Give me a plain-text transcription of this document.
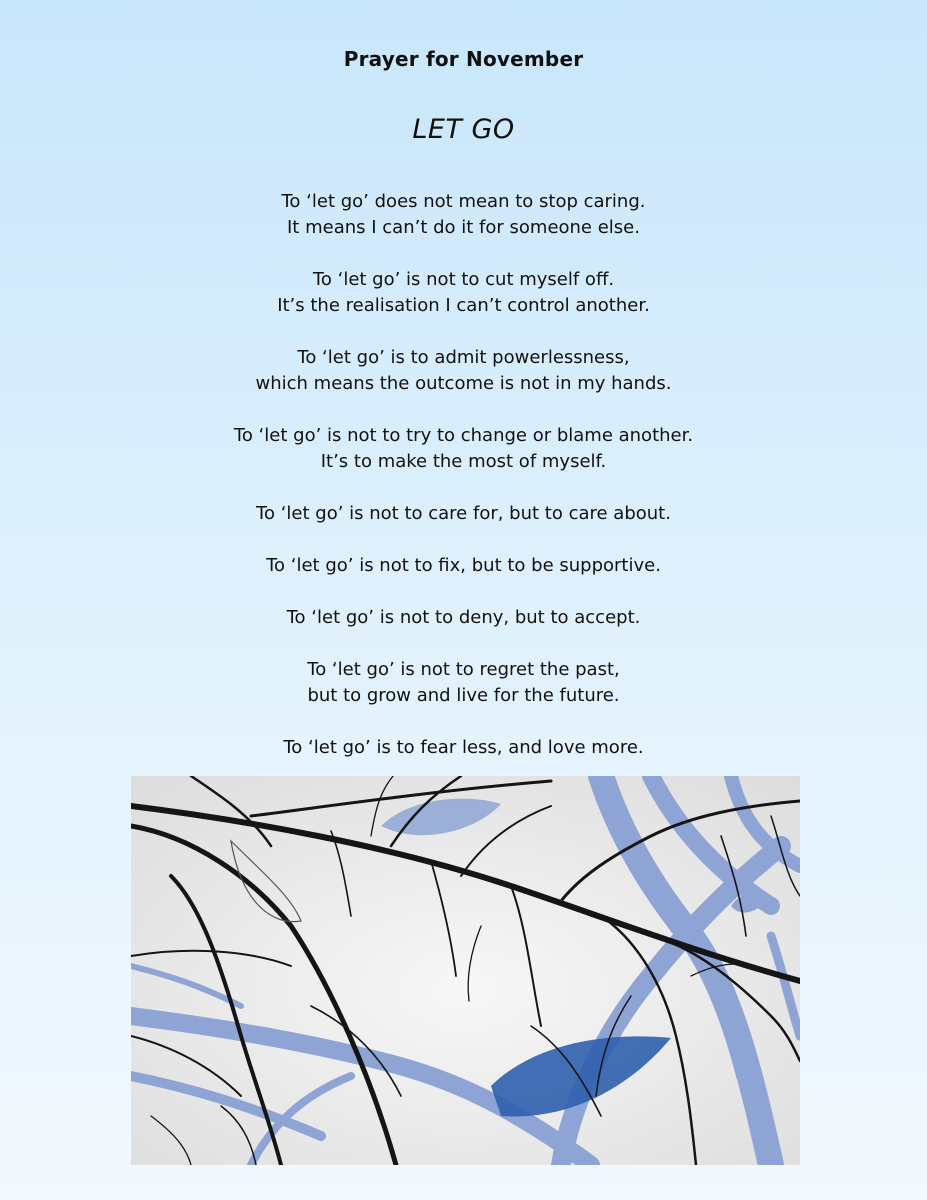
Prayer for November
LET GO
To ‘let go’ does not mean to stop caring.
It means I can’t do it for someone else.
To ‘let go’ is not to cut myself off.
It’s the realisation I can’t control another.
To ‘let go’ is to admit powerlessness,
which means the outcome is not in my hands.
To ‘let go’ is not to try to change or blame another.
It’s to make the most of myself.
To ‘let go’ is not to care for, but to care about.
To ‘let go’ is not to fix, but to be supportive.
To ‘let go’ is not to deny, but to accept.
To ‘let go’ is not to regret the past,
but to grow and live for the future.
To ‘let go’ is to fear less, and love more.
